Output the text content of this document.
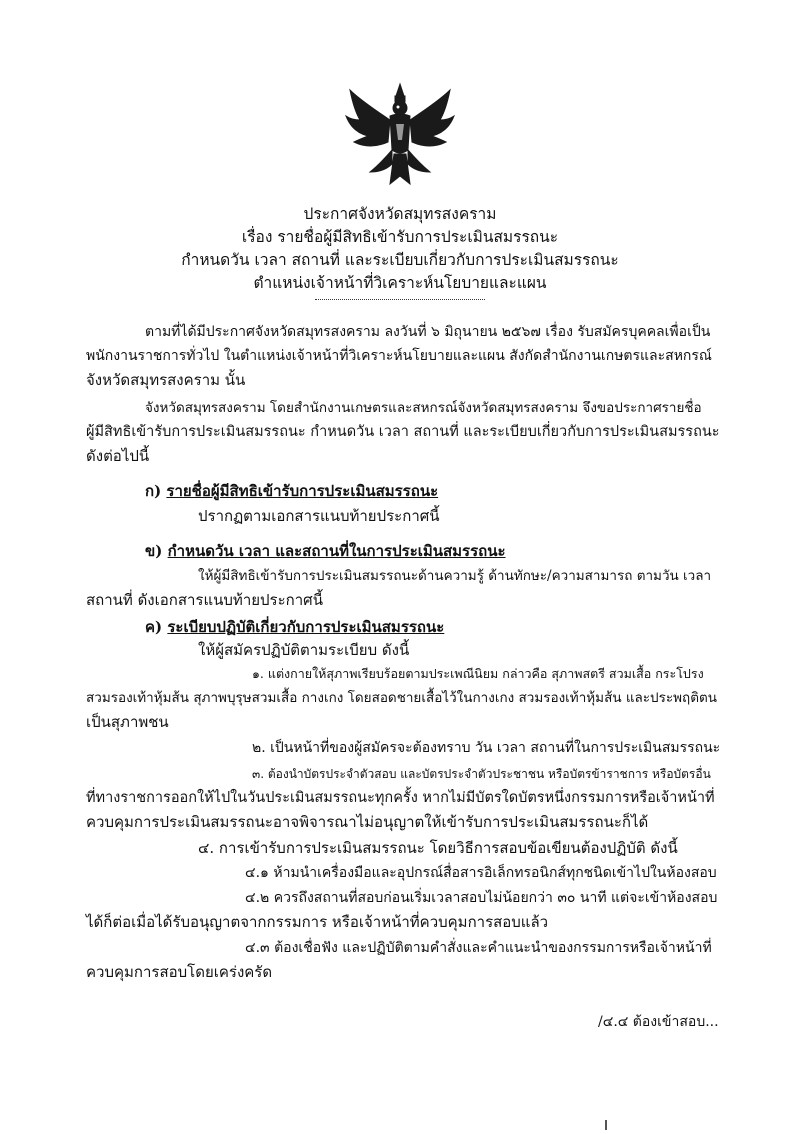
ประกาศจังหวัดสมุทรสงคราม
เรื่อง รายชื่อผู้มีสิทธิเข้ารับการประเมินสมรรถนะ
กำหนดวัน เวลา สถานที่ และระเบียบเกี่ยวกับการประเมินสมรรถนะ
ตำแหน่งเจ้าหน้าที่วิเคราะห์นโยบายและแผน
ตามที่ได้มีประกาศจังหวัดสมุทรสงคราม ลงวันที่ ๖ มิถุนายน ๒๕๖๗ เรื่อง รับสมัครบุคคลเพื่อเป็น
พนักงานราชการทั่วไป ในตำแหน่งเจ้าหน้าที่วิเคราะห์นโยบายและแผน สังกัดสำนักงานเกษตรและสหกรณ์
จังหวัดสมุทรสงคราม นั้น
จังหวัดสมุทรสงคราม โดยสำนักงานเกษตรและสหกรณ์จังหวัดสมุทรสงคราม จึงขอประกาศรายชื่อ
ผู้มีสิทธิเข้ารับการประเมินสมรรถนะ กำหนดวัน เวลา สถานที่ และระเบียบเกี่ยวกับการประเมินสมรรถนะ
ดังต่อไปนี้
ก) รายชื่อผู้มีสิทธิเข้ารับการประเมินสมรรถนะ
ปรากฏตามเอกสารแนบท้ายประกาศนี้
ข) กำหนดวัน เวลา และสถานที่ในการประเมินสมรรถนะ
ให้ผู้มีสิทธิเข้ารับการประเมินสมรรถนะด้านความรู้ ด้านทักษะ/ความสามารถ ตามวัน เวลา
สถานที่ ดังเอกสารแนบท้ายประกาศนี้
ค) ระเบียบปฏิบัติเกี่ยวกับการประเมินสมรรถนะ
ให้ผู้สมัครปฏิบัติตามระเบียบ ดังนี้
๑. แต่งกายให้สุภาพเรียบร้อยตามประเพณีนิยม กล่าวคือ สุภาพสตรี สวมเสื้อ กระโปรง
สวมรองเท้าหุ้มส้น สุภาพบุรุษสวมเสื้อ กางเกง โดยสอดชายเสื้อไว้ในกางเกง สวมรองเท้าหุ้มส้น และประพฤติตน
เป็นสุภาพชน
๒. เป็นหน้าที่ของผู้สมัครจะต้องทราบ วัน เวลา สถานที่ในการประเมินสมรรถนะ
๓. ต้องนำบัตรประจำตัวสอบ และบัตรประจำตัวประชาชน หรือบัตรข้าราชการ หรือบัตรอื่น
ที่ทางราชการออกให้ไปในวันประเมินสมรรถนะทุกครั้ง หากไม่มีบัตรใดบัตรหนึ่งกรรมการหรือเจ้าหน้าที่
ควบคุมการประเมินสมรรถนะอาจพิจารณาไม่อนุญาตให้เข้ารับการประเมินสมรรถนะก็ได้
๔. การเข้ารับการประเมินสมรรถนะ โดยวิธีการสอบข้อเขียนต้องปฏิบัติ ดังนี้
๔.๑ ห้ามนำเครื่องมือและอุปกรณ์สื่อสารอิเล็กทรอนิกส์ทุกชนิดเข้าไปในห้องสอบ
๔.๒ ควรถึงสถานที่สอบก่อนเริ่มเวลาสอบไม่น้อยกว่า ๓๐ นาที แต่จะเข้าห้องสอบ
ได้ก็ต่อเมื่อได้รับอนุญาตจากกรรมการ หรือเจ้าหน้าที่ควบคุมการสอบแล้ว
๔.๓ ต้องเชื่อฟัง และปฏิบัติตามคำสั่งและคำแนะนำของกรรมการหรือเจ้าหน้าที่
ควบคุมการสอบโดยเคร่งครัด
/๔.๔ ต้องเข้าสอบ...
